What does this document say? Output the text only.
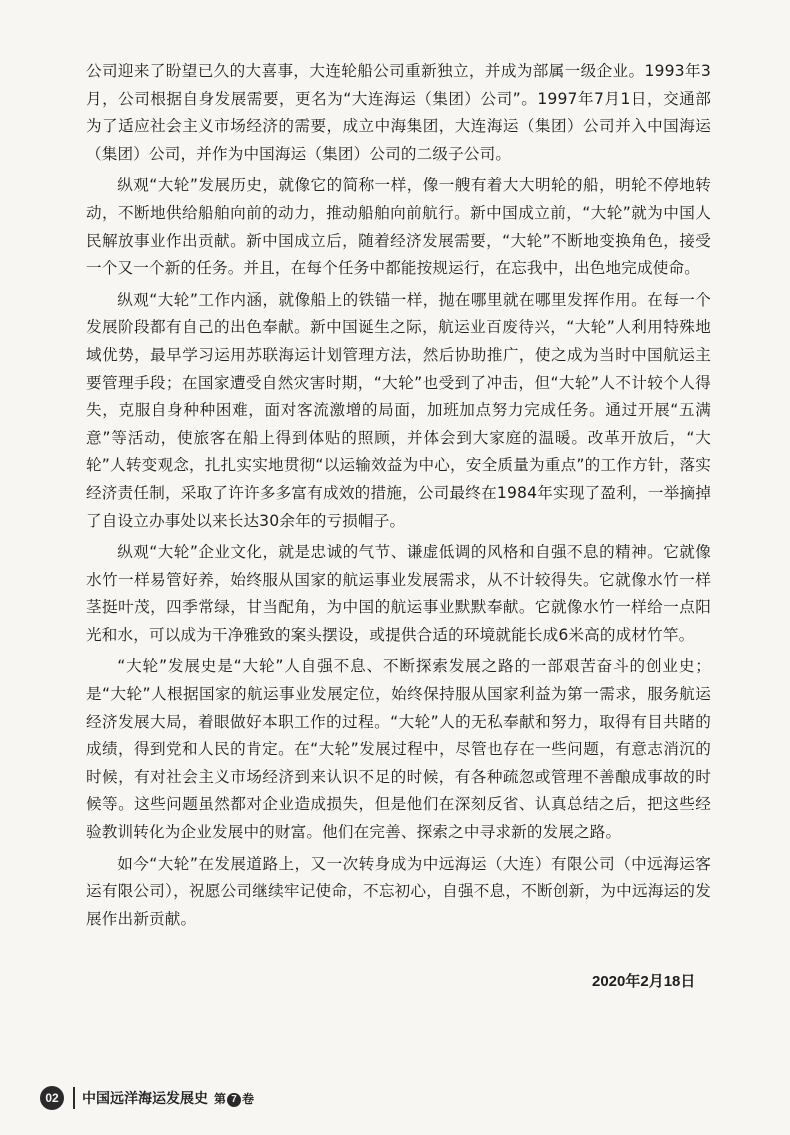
公司迎来了盼望已久的大喜事，大连轮船公司重新独立，并成为部属一级企业。1993年3月，公司根据自身发展需要，更名为“大连海运（集团）公司”。1997年7月1日，交通部为了适应社会主义市场经济的需要，成立中海集团，大连海运（集团）公司并入中国海运（集团）公司，并作为中国海运（集团）公司的二级子公司。

纵观“大轮”发展历史，就像它的简称一样，像一艘有着大大明轮的船，明轮不停地转动，不断地供给船舶向前的动力，推动船舶向前航行。新中国成立前，“大轮”就为中国人民解放事业作出贡献。新中国成立后，随着经济发展需要，“大轮”不断地变换角色，接受一个又一个新的任务。并且，在每个任务中都能按规运行，在忘我中，出色地完成使命。

纵观“大轮”工作内涵，就像船上的铁锚一样，抛在哪里就在哪里发挥作用。在每一个发展阶段都有自己的出色奉献。新中国诞生之际，航运业百废待兴，“大轮”人利用特殊地域优势，最早学习运用苏联海运计划管理方法，然后协助推广，使之成为当时中国航运主要管理手段；在国家遭受自然灾害时期，“大轮”也受到了冲击，但“大轮”人不计较个人得失，克服自身种种困难，面对客流激增的局面，加班加点努力完成任务。通过开展“五满意”等活动，使旅客在船上得到体贴的照顾，并体会到大家庭的温暖。改革开放后，“大轮”人转变观念，扎扎实实地贯彻“以运输效益为中心，安全质量为重点”的工作方针，落实经济责任制，采取了许许多多富有成效的措施，公司最终在1984年实现了盈利，一举摘掉了自设立办事处以来长达30余年的亏损帽子。

纵观“大轮”企业文化，就是忠诚的气节、谦虚低调的风格和自强不息的精神。它就像水竹一样易管好养，始终服从国家的航运事业发展需求，从不计较得失。它就像水竹一样茎挺叶茂，四季常绿，甘当配角，为中国的航运事业默默奉献。它就像水竹一样给一点阳光和水，可以成为干净雅致的案头摆设，或提供合适的环境就能长成6米高的成材竹竿。

“大轮”发展史是“大轮”人自强不息、不断探索发展之路的一部艰苦奋斗的创业史；是“大轮”人根据国家的航运事业发展定位，始终保持服从国家利益为第一需求，服务航运经济发展大局，着眼做好本职工作的过程。“大轮”人的无私奉献和努力，取得有目共睹的成绩，得到党和人民的肯定。在“大轮”发展过程中，尽管也存在一些问题，有意志消沉的时候，有对社会主义市场经济到来认识不足的时候，有各种疏忽或管理不善酿成事故的时候等。这些问题虽然都对企业造成损失，但是他们在深刻反省、认真总结之后，把这些经验教训转化为企业发展中的财富。他们在完善、探索之中寻求新的发展之路。

如今“大轮”在发展道路上，又一次转身成为中远海运（大连）有限公司（中远海运客运有限公司），祝愿公司继续牢记使命，不忘初心，自强不息，不断创新，为中远海运的发展作出新贡献。

2020年2月18日
02	中国远洋海运发展史 第 7 卷
